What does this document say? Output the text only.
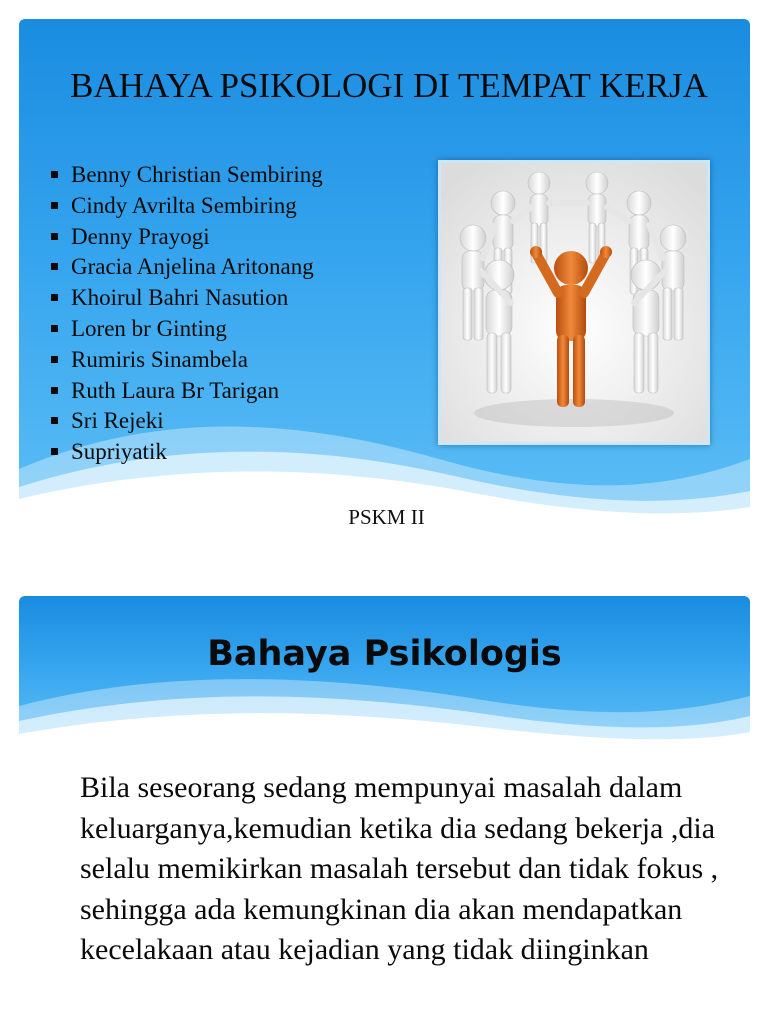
BAHAYA PSIKOLOGI DI TEMPAT KERJA
Benny Christian Sembiring
Cindy Avrilta Sembiring
Denny Prayogi
Gracia Anjelina Aritonang
Khoirul Bahri Nasution
Loren br Ginting
Rumiris Sinambela
Ruth Laura Br Tarigan
Sri Rejeki
Supriyatik
PSKM II
Bahaya Psikologis

Bila seseorang sedang mempunyai masalah dalam keluarganya,kemudian ketika dia sedang bekerja ,dia selalu memikirkan masalah tersebut dan tidak fokus , sehingga ada kemungkinan dia akan mendapatkan kecelakaan atau kejadian yang tidak diinginkan
